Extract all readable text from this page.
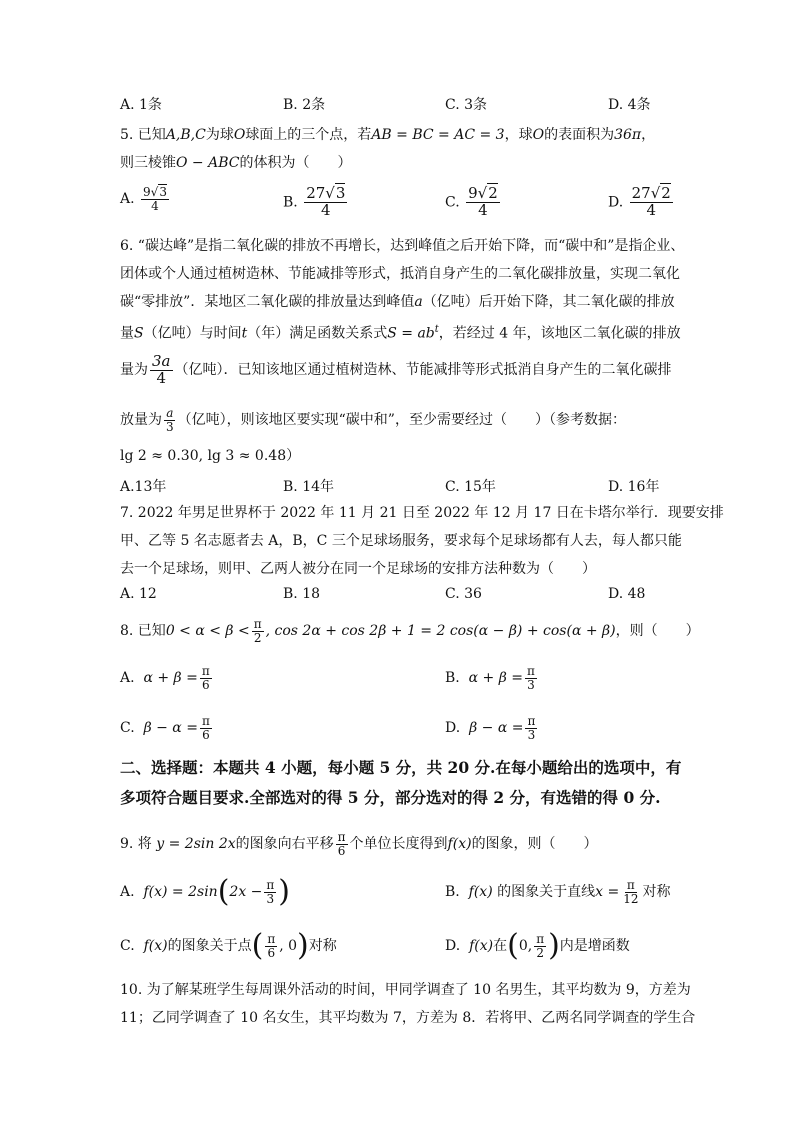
A. 1条	B. 2条	C. 3条	D. 4条
5. 已知A,B,C为球O球面上的三个点，若AB = BC = AC = 3，球O的表面积为36π，
则三棱锥O − ABC的体积为（　　）
A. $\frac{9√3}{4}$	B. $\frac{27√3}{4}$	C. $\frac{9√2}{4}$	D. $\frac{27√2}{4}$
6. “碳达峰”是指二氧化碳的排放不再增长，达到峰值之后开始下降，而“碳中和”是指企业、
团体或个人通过植树造林、节能减排等形式，抵消自身产生的二氧化碳排放量，实现二氧化
碳“零排放”．某地区二氧化碳的排放量达到峰值a（亿吨）后开始下降，其二氧化碳的排放
量S（亿吨）与时间t（年）满足函数关系式$S = ab^t$，若经过 4 年，该地区二氧化碳的排放
量为 $\frac{3a}{4}$ （亿吨）．已知该地区通过植树造林、节能减排等形式抵消自身产生的二氧化碳排
放量为 $\frac{a}{3}$ （亿吨），则该地区要实现“碳中和”，至少需要经过（　　）（参考数据：
lg 2 ≈ 0.30, lg 3 ≈ 0.48）
A.13年	B. 14年	C. 15年	D. 16年
7. 2022 年男足世界杯于 2022 年 11 月 21 日至 2022 年 12 月 17 日在卡塔尔举行．现要安排
甲、乙等 5 名志愿者去 A，B，C 三个足球场服务，要求每个足球场都有人去，每人都只能
去一个足球场，则甲、乙两人被分在同一个足球场的安排方法种数为（　　）
A. 12	B. 18	C. 36	D. 48
8. 已知$0 < \alpha < \beta < \frac{\pi}{2}$ , cos 2α + cos 2β + 1 = 2 cos(α − β) + cos(α + β)，则（　　）
A. $\alpha + \beta = \frac{\pi}{6}$	B. $\alpha + \beta = \frac{\pi}{3}$
C. $\beta - \alpha = \frac{\pi}{6}$	D. $\beta - \alpha = \frac{\pi}{3}$
二、选择题：本题共 4 小题，每小题 5 分，共 20 分.在每小题给出的选项中，有
多项符合题目要求.全部选对的得 5 分，部分选对的得 2 分，有选错的得 0 分.
9. 将 y = 2sin 2x的图象向右平移 $\frac{\pi}{6}$ 个单位长度得到f(x)的图象，则（　　）
A. $f(x) = 2\sin(2x - \frac{\pi}{3}$ )	B. f(x) 的图象关于直线$x = \frac{\pi}{12}$ 对称
C. f(x)的图象关于点( $\frac{\pi}{6}$ , 0)对称	D. f(x)在(0, $\frac{\pi}{2}$ )内是增函数
10. 为了解某班学生每周课外活动的时间，甲同学调查了 10 名男生，其平均数为 9，方差为
11；乙同学调查了 10 名女生，其平均数为 7，方差为 8．若将甲、乙两名同学调查的学生合
